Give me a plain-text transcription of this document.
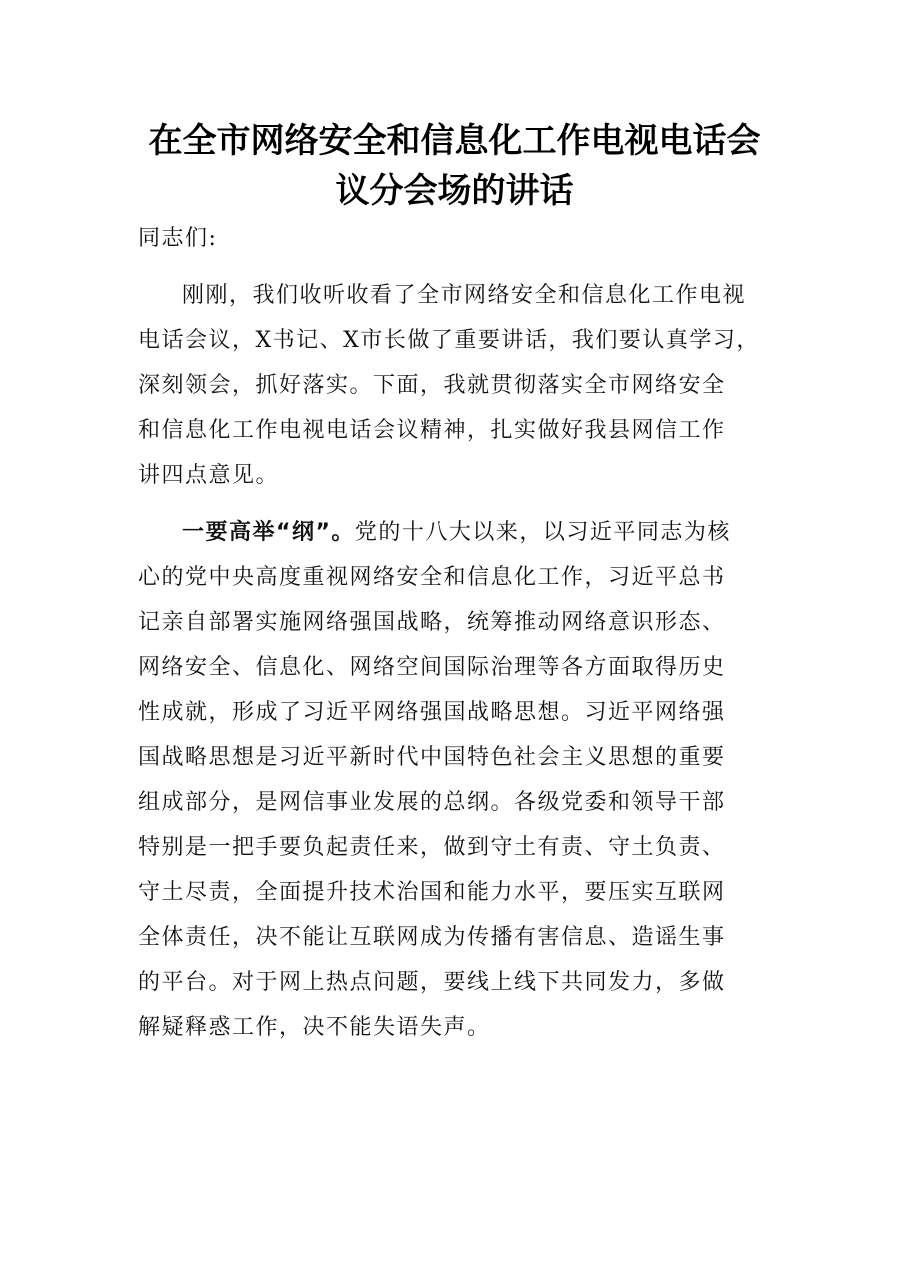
在全市网络安全和信息化工作电视电话会
议分会场的讲话
同志们:
刚刚，我们收听收看了全市网络安全和信息化工作电视
电话会议，X书记、X市长做了重要讲话，我们要认真学习，
深刻领会，抓好落实。下面，我就贯彻落实全市网络安全
和信息化工作电视电话会议精神，扎实做好我县网信工作
讲四点意见。
一要高举“纲”。党的十八大以来，以习近平同志为核
心的党中央高度重视网络安全和信息化工作，习近平总书
记亲自部署实施网络强国战略，统筹推动网络意识形态、
网络安全、信息化、网络空间国际治理等各方面取得历史
性成就，形成了习近平网络强国战略思想。习近平网络强
国战略思想是习近平新时代中国特色社会主义思想的重要
组成部分，是网信事业发展的总纲。各级党委和领导干部
特别是一把手要负起责任来，做到守土有责、守土负责、
守土尽责，全面提升技术治国和能力水平，要压实互联网
全体责任，决不能让互联网成为传播有害信息、造谣生事
的平台。对于网上热点问题，要线上线下共同发力，多做
解疑释惑工作，决不能失语失声。
